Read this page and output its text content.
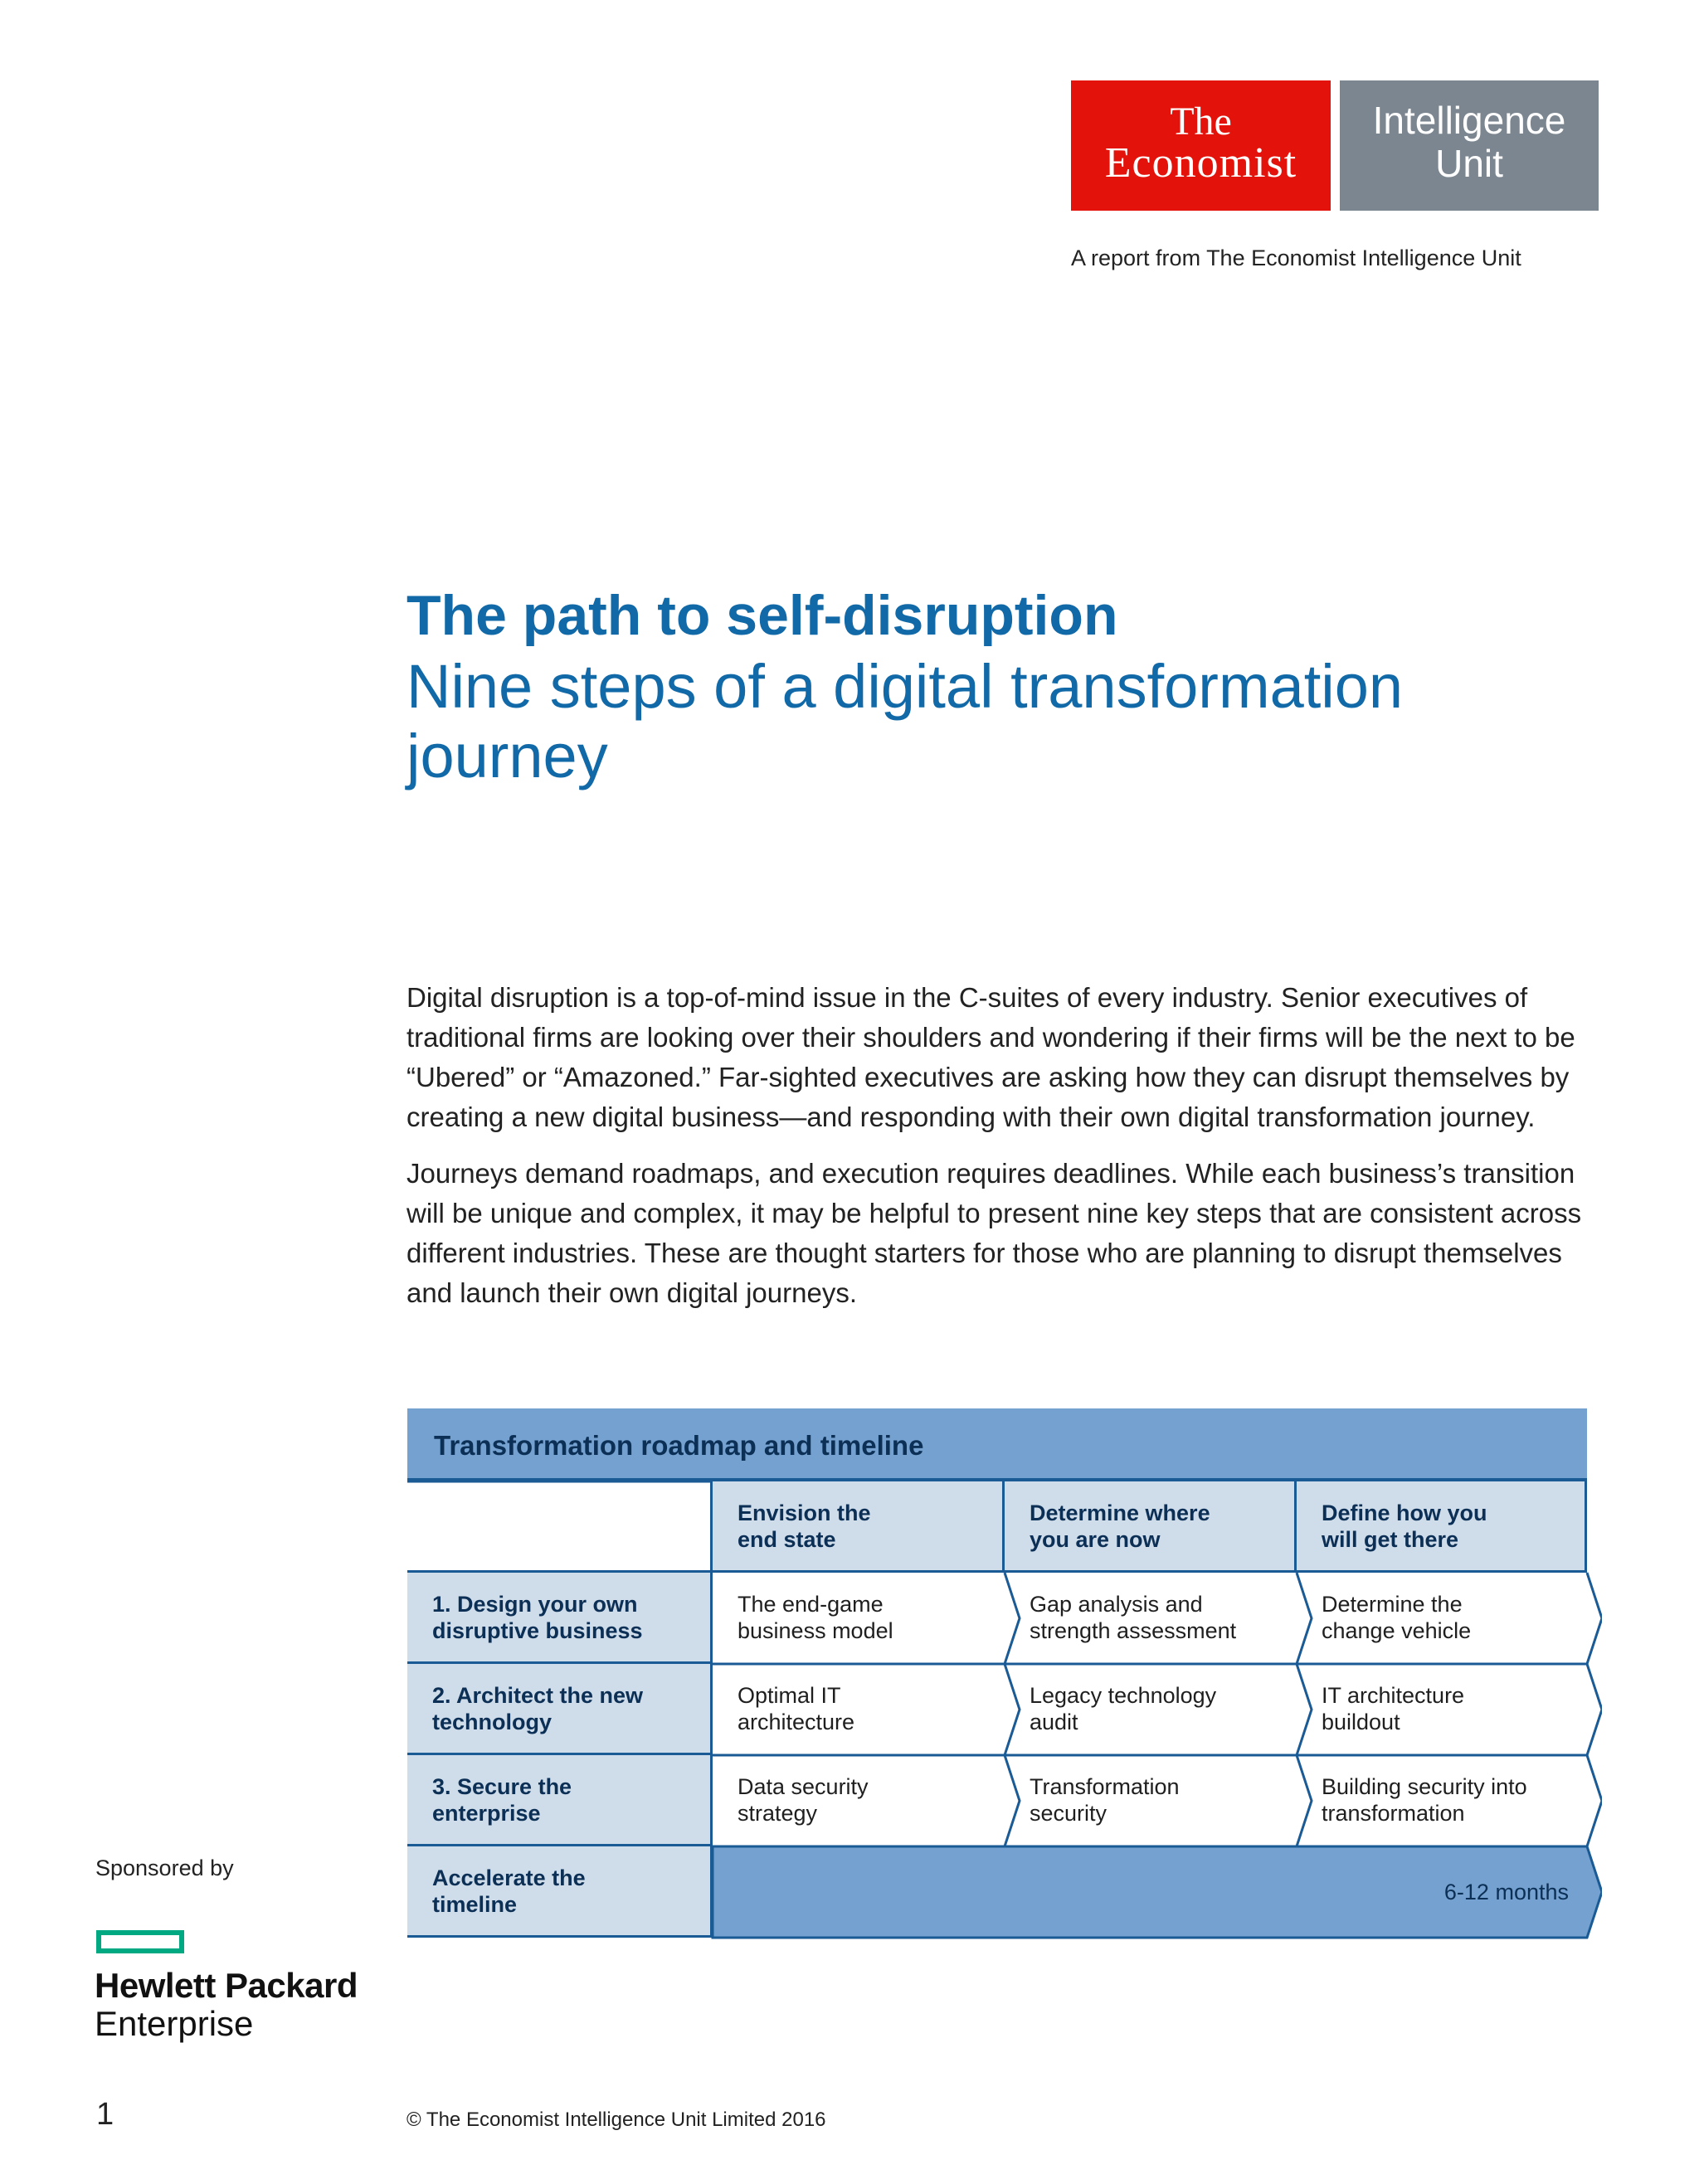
The
Economist
Intelligence
Unit
A report from The Economist Intelligence Unit
The path to self-disruption
Nine steps of a digital transformation journey

Digital disruption is a top-of-mind issue in the C-suites of every industry. Senior executives of traditional firms are looking over their shoulders and wondering if their firms will be the next to be “Ubered” or “Amazoned.” Far-sighted executives are asking how they can disrupt themselves by creating a new digital business—and responding with their own digital transformation journey.

Journeys demand roadmaps, and execution requires deadlines. While each business’s transition will be unique and complex, it may be helpful to present nine key steps that are consistent across different industries. These are thought starters for those who are planning to disrupt themselves and launch their own digital journeys.

Transformation roadmap and timeline
Envision the
end state
Determine where
you are now
Define how you
will get there
1. Design your own
disruptive business
The end-game
business model
Gap analysis and
strength assessment
Determine the
change vehicle
2. Architect the new
technology
Optimal IT
architecture
Legacy technology
audit
IT architecture
buildout
3. Secure the
enterprise
Data security
strategy
Transformation
security
Building security into
transformation
Accelerate the
timeline	6-12 months
Sponsored by
Hewlett Packard
Enterprise
1	© The Economist Intelligence Unit Limited 2016
